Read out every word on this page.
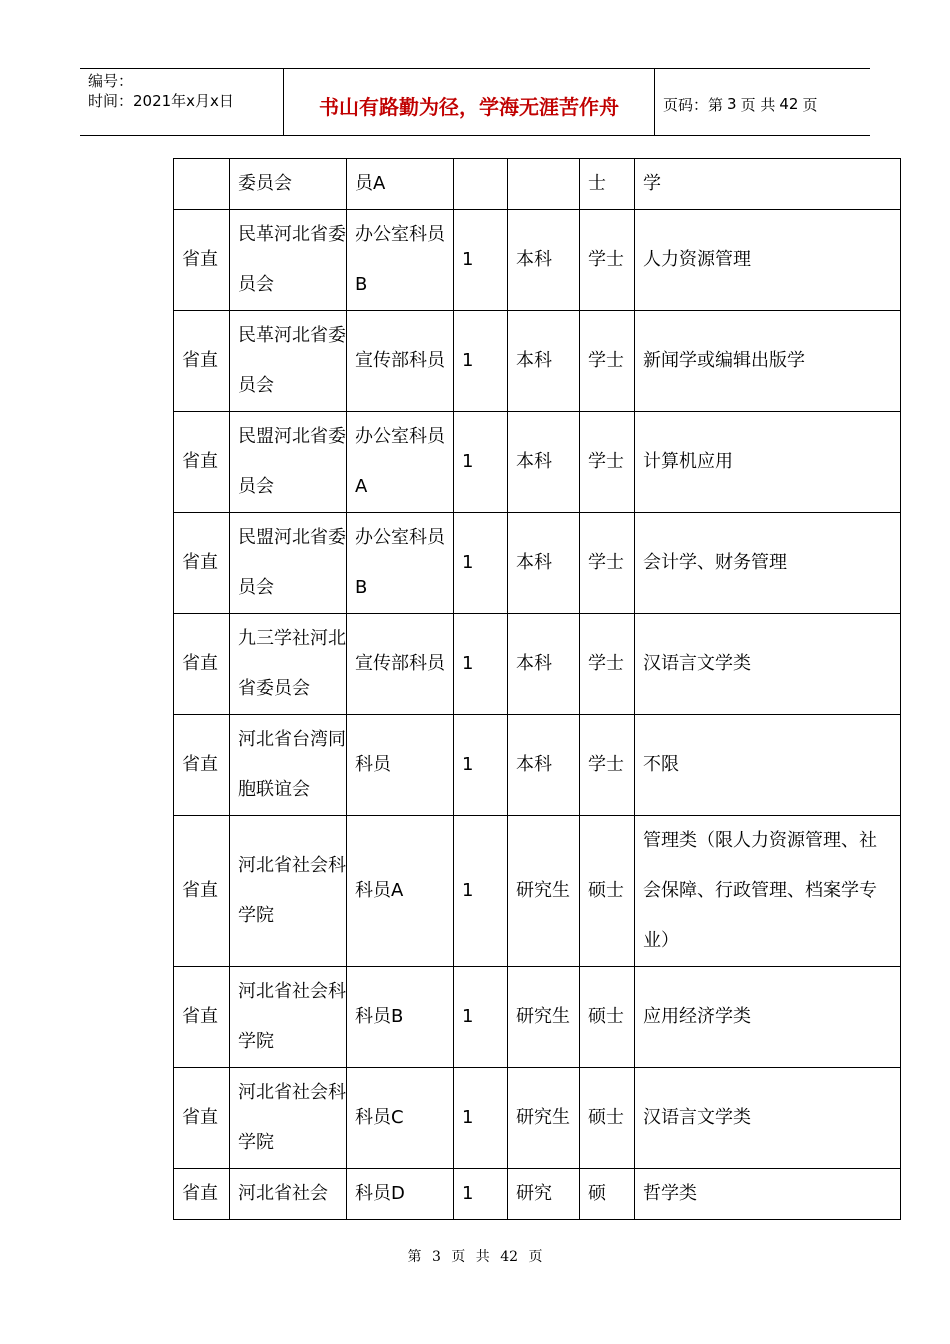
编号：
时间：2021年x月x日	书山有路勤为径，学海无涯苦作舟	页码：第 3 页 共 42 页
	委员会	员A			士	学
省直	民革河北省委员会	办公室科员B	1	本科	学士	人力资源管理
省直	民革河北省委员会	宣传部科员	1	本科	学士	新闻学或编辑出版学
省直	民盟河北省委员会	办公室科员A	1	本科	学士	计算机应用
省直	民盟河北省委员会	办公室科员B	1	本科	学士	会计学、财务管理
省直	九三学社河北省委员会	宣传部科员	1	本科	学士	汉语言文学类
省直	河北省台湾同胞联谊会	科员	1	本科	学士	不限
省直	河北省社会科学院	科员A	1	研究生	硕士	管理类（限人力资源管理、社会保障、行政管理、档案学专业）
省直	河北省社会科学院	科员B	1	研究生	硕士	应用经济学类
省直	河北省社会科学院	科员C	1	研究生	硕士	汉语言文学类
省直	河北省社会	科员D	1	研究	硕	哲学类
第 3 页 共 42 页
